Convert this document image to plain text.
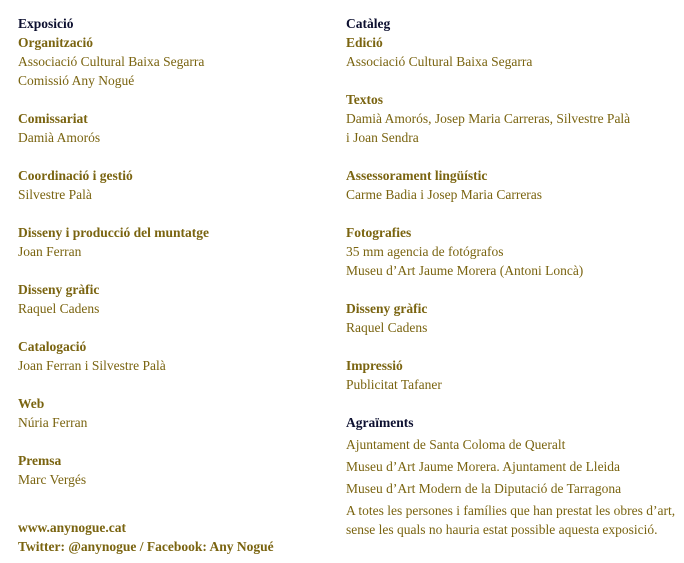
Exposició
Organització
Associació Cultural Baixa Segarra
Comissió Any Nogué
Comissariat
Damià Amorós
Coordinació i gestió
Silvestre Palà
Disseny i producció del muntatge
Joan Ferran
Disseny gràfic
Raquel Cadens
Catalogació
Joan Ferran i Silvestre Palà
Web
Núria Ferran
Premsa
Marc Vergés
www.anynogue.cat
Twitter: @anynogue / Facebook: Any Nogué
Catàleg
Edició
Associació Cultural Baixa Segarra
Textos
Damià Amorós, Josep Maria Carreras, Silvestre Palà
i Joan Sendra
Assessorament lingüístic
Carme Badia i Josep Maria Carreras
Fotografies
35 mm agencia de fotógrafos
Museu d’Art Jaume Morera (Antoni Loncà)
Disseny gràfic
Raquel Cadens
Impressió
Publicitat Tafaner
Agraïments
Ajuntament de Santa Coloma de Queralt
Museu d’Art Jaume Morera. Ajuntament de Lleida
Museu d’Art Modern de la Diputació de Tarragona
A totes les persones i famílies que han prestat les obres d’art, sense les quals no hauria estat possible aquesta exposició.
